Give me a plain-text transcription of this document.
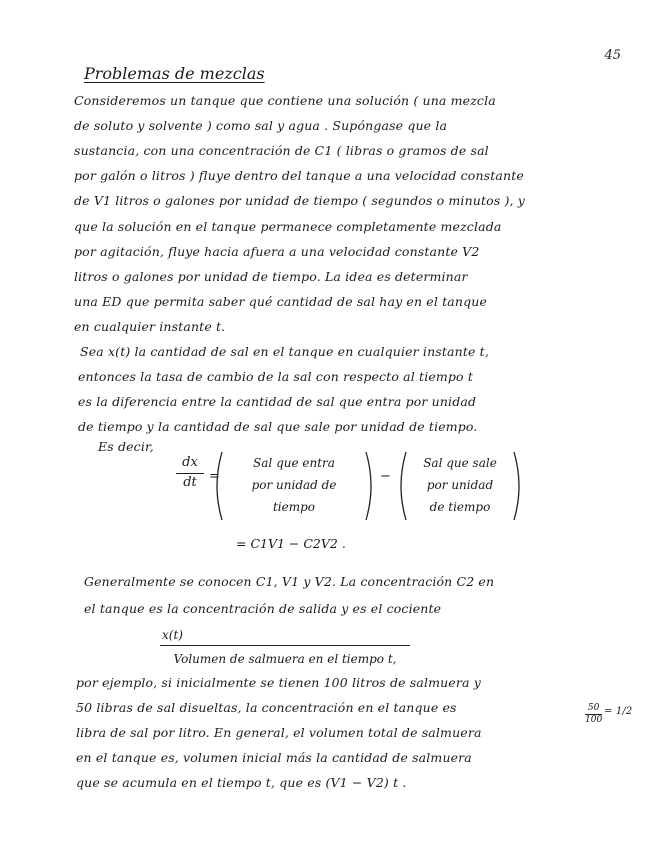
45
Problemas de mezclas
Consideremos un tanque que contiene una solución ( una mezcla
de soluto y solvente ) como sal y agua . Supóngase que la
sustancia, con una concentración de C1 ( libras o gramos de sal
por galón o litros ) fluye dentro del tanque a una velocidad constante
de V1 litros o galones por unidad de tiempo ( segundos o minutos ), y
que la solución en el tanque permanece completamente mezclada
por agitación, fluye hacia afuera a una velocidad constante V2
litros o galones por unidad de tiempo. La idea es determinar
una ED que permita saber qué cantidad de sal hay en el tanque
en cualquier instante t.
Sea x(t) la cantidad de sal en el tanque en cualquier instante t,
entonces la tasa de cambio de la sal con respecto al tiempo t
es la diferencia entre la cantidad de sal que entra por unidad
de tiempo y la cantidad de sal que sale por unidad de tiempo.
Es decir,
dx
dt =
Sal que entra
por unidad de
tiempo
−
Sal que sale
por unidad
de tiempo
= C1V1 − C2V2 .
Generalmente se conocen C1, V1 y V2. La concentración C2 en
el tanque es la concentración de salida y es el cociente
x(t)
Volumen de salmuera en el tiempo t,
por ejemplo, si inicialmente se tienen 100 litros de salmuera y
50 libras de sal disueltas, la concentración en el tanque es	50
100
= 1/2
libra de sal por litro. En general, el volumen total de salmuera
en el tanque es, volumen inicial más la cantidad de salmuera
que se acumula en el tiempo t, que es (V1 − V2) t .
